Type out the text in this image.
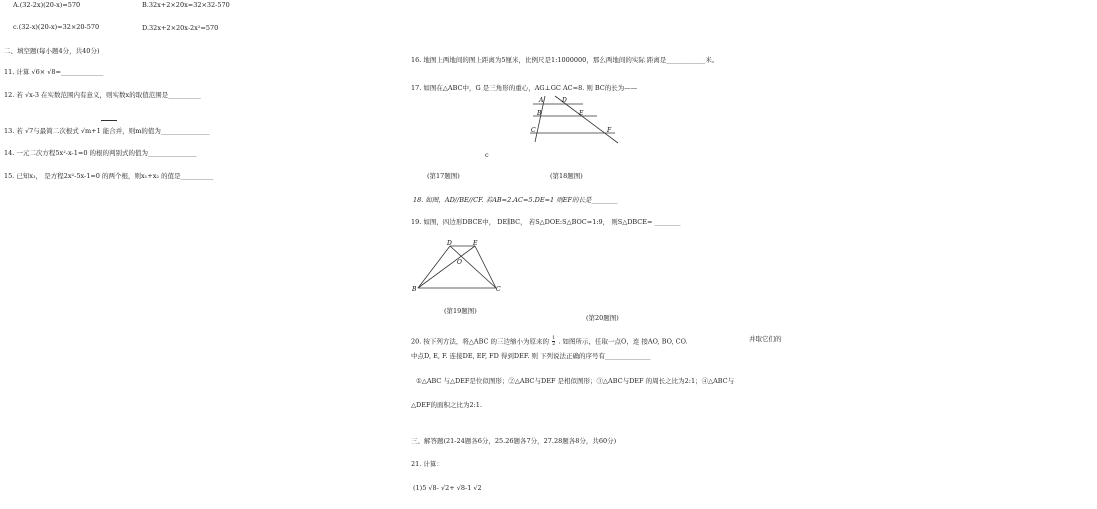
A.(32-2x)(20-x)=570	B.32x+2×20x=32×32-570
c.(32-x)(20-x)=32×20-570	D.32x+2×20x-2x²=570
二、填空题(每小题4分，共40分)
11. 计算 √6× √8=_____________
12. 若 √x-3 在实数范围内有意义，则实数x的取值范围是__________
13. 若 √7与最简二次根式 √m+1 能合并，则m的值为_______________
14. 一元二次方程5x²-x-1=0 的根的判别式的值为_______________
15. 已知x₁， 是方程2x²-5x-1=0 的两个根，则x₁+x₂ 的值是__________
16. 地图上两地间的图上距离为5厘米，比例尺是1:1000000，那么两地间的实际 距离是____________米。
17. 如图在△ABC中，G 是三角形的重心，AG⊥GC AC=8. 则 BC的长为——
A
B
C
D
E
F
c
(第17题图)	(第18题图)
18. 如图，AD//BE//CF. 若AB=2.AC=5.DE=1 则EF的长是________
19. 如图，四边形DBCE中， DE∥BC， 若S△DOE:S△BOC=1:9， 则S△DBCE= ________
D	E
O
B	C
(第19题图)
(第20题图)
20. 按下列方法，将△ABC 的三边缩小为原来的 $\frac{1}{2}$ . 如图所示，任取一点O，连 接AO, BO, CO.	并取它们的
中点D, E, F. 连接DE, EF, FD 得到DEF. 则 下列说法正确的序号有______________
①△ABC 与△DEF是位似图形；②△ABC与DEF 是相似图形；③△ABC与DEF 的周长之比为2:1；④△ABC与
△DEF的面积之比为2:1.
三、解答题(21-24题各6分，25.26题各7分，27.28题各8分，共60分)
21. 计算：
(1)5 √8- √2+ √8-1 √2
